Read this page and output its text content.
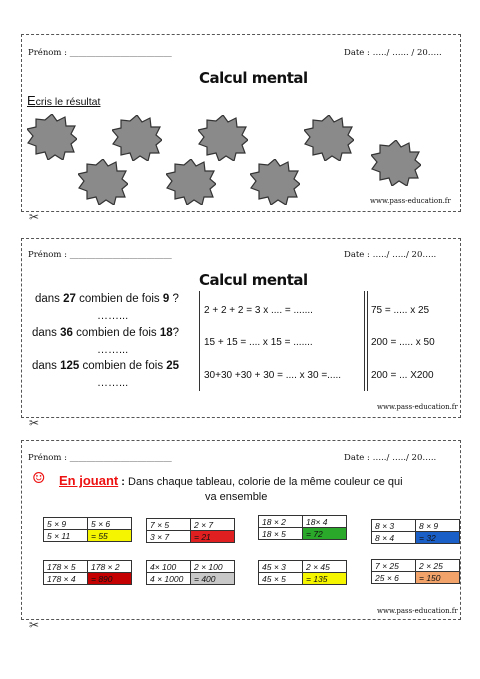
Prénom : ________________________	Date : …../ …... / 20…..
Calcul mental
Ecris le résultat
www.pass-education.fr
✂
Prénom : ________________________	Date : …../ …../ 20…..
Calcul mental
dans 27 combien de fois 9 ?
……...
dans 36 combien de fois 18?
……...
dans 125 combien de fois 25
……...
2 + 2 + 2 = 3 x .... = .......
15 + 15 = .... x 15 = .......
30+30 +30 + 30 = .... x 30 =.....
75 = ..... x 25
200 = ..... x 50
200 = ... X200
www.pass-education.fr
✂
Prénom : ________________________	Date : …../ …../ 20…..
☺ En jouant : Dans chaque tableau, colorie de la même couleur ce qui
va ensemble
5 × 9	5 × 6
5 × 11	= 55
7 × 5	2 × 7
3 × 7	= 21
18 × 2	18× 4
18 × 5	= 72
8 × 3	8 × 9
8 × 4	= 32
178 × 5	178 × 2
178 × 4	= 890
4× 100	2 × 100
4 × 1000	= 400
45 × 3	2 × 45
45 × 5	= 135
7 × 25	2 × 25
25 × 6	= 150
www.pass-education.fr
✂
